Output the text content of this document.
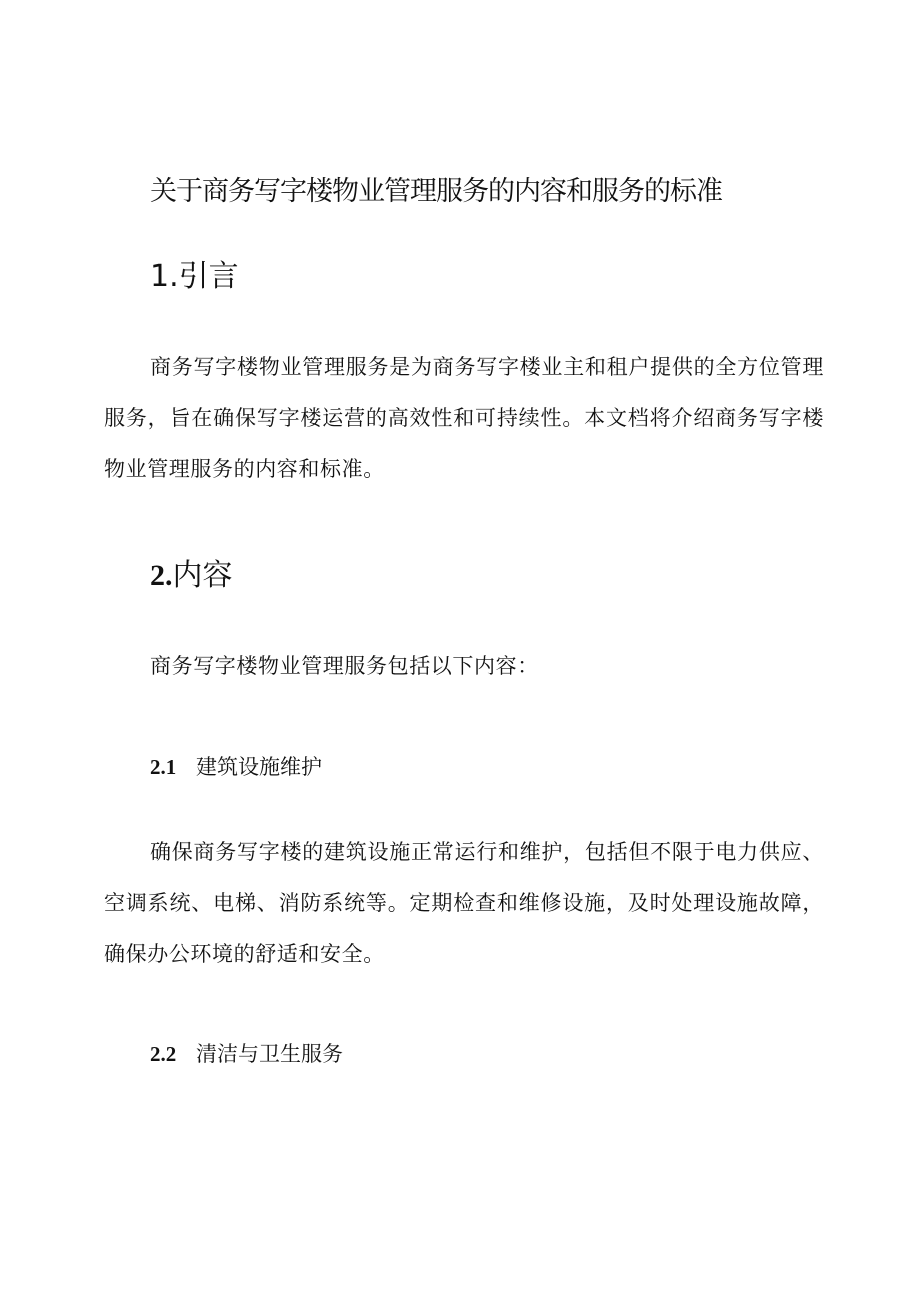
关于商务写字楼物业管理服务的内容和服务的标准
1.引言
商务写字楼物业管理服务是为商务写字楼业主和租户提供的全方位管理服务，旨在确保写字楼运营的高效性和可持续性。本文档将介绍商务写字楼物业管理服务的内容和标准。
2.内容
商务写字楼物业管理服务包括以下内容：
2.1 建筑设施维护
确保商务写字楼的建筑设施正常运行和维护，包括但不限于电力供应、空调系统、电梯、消防系统等。定期检查和维修设施，及时处理设施故障，确保办公环境的舒适和安全。
2.2 清洁与卫生服务
